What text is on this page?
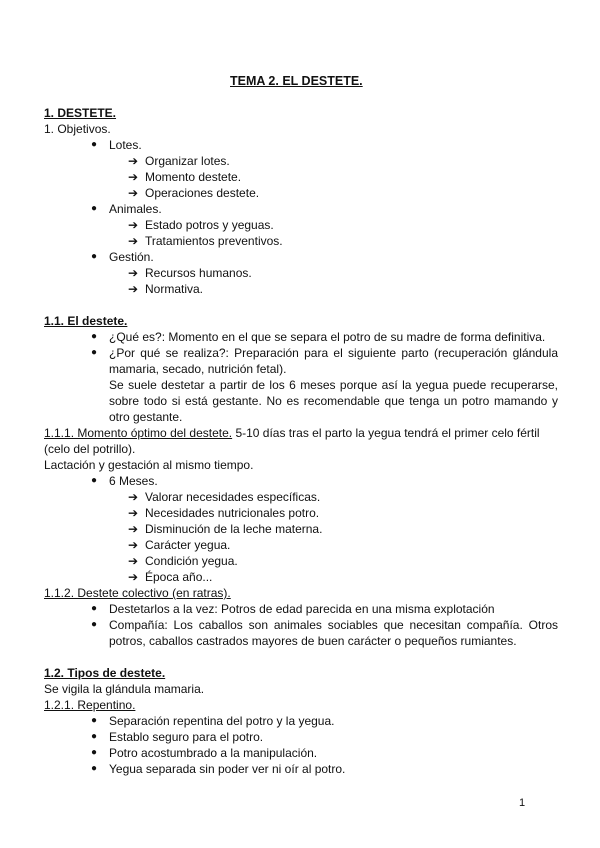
TEMA 2. EL DESTETE.
1. DESTETE.
1. Objetivos.
● Lotes.
➔ Organizar lotes.
➔ Momento destete.
➔ Operaciones destete.
● Animales.
➔ Estado potros y yeguas.
➔ Tratamientos preventivos.
● Gestión.
➔ Recursos humanos.
➔ Normativa.
1.1. El destete.
● ¿Qué es?: Momento en el que se separa el potro de su madre de forma definitiva.
● ¿Por qué se realiza?: Preparación para el siguiente parto (recuperación glándula
mamaria, secado, nutrición fetal).
Se suele destetar a partir de los 6 meses porque así la yegua puede recuperarse,
sobre todo si está gestante. No es recomendable que tenga un potro mamando y
otro gestante.
1.1.1. Momento óptimo del destete. 5-10 días tras el parto la yegua tendrá el primer celo fértil
(celo del potrillo).
Lactación y gestación al mismo tiempo.
● 6 Meses.
➔ Valorar necesidades específicas.
➔ Necesidades nutricionales potro.
➔ Disminución de la leche materna.
➔ Carácter yegua.
➔ Condición yegua.
➔ Época año...
1.1.2. Destete colectivo (en ratras).
● Destetarlos a la vez: Potros de edad parecida en una misma explotación
● Compañía: Los caballos son animales sociables que necesitan compañía. Otros
potros, caballos castrados mayores de buen carácter o pequeños rumiantes.
1.2. Tipos de destete.
Se vigila la glándula mamaria.
1.2.1. Repentino.
● Separación repentina del potro y la yegua.
● Establo seguro para el potro.
● Potro acostumbrado a la manipulación.
● Yegua separada sin poder ver ni oír al potro.
1
